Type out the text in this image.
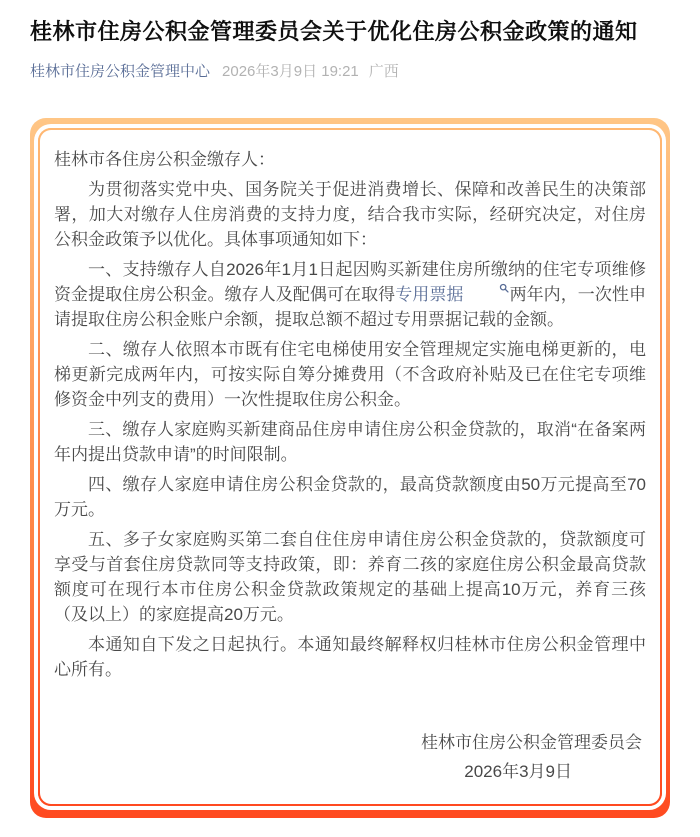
桂林市住房公积金管理委员会关于优化住房公积金政策的通知
桂林市住房公积金管理中心 2026年3月9日 19:21 广西

桂林市各住房公积金缴存人：

为贯彻落实党中央、国务院关于促进消费增长、保障和改善民生的决策部署，加大对缴存人住房消费的支持力度，结合我市实际，经研究决定，对住房公积金政策予以优化。具体事项通知如下：

一、支持缴存人自2026年1月1日起因购买新建住房所缴纳的住宅专项维修资金提取住房公积金。缴存人及配偶可在取得专用票据	两年内，一次性申请提取住房公积金账户余额，提取总额不超过专用票据记载的金额。

二、缴存人依照本市既有住宅电梯使用安全管理规定实施电梯更新的，电梯更新完成两年内，可按实际自筹分摊费用（不含政府补贴及已在住宅专项维修资金中列支的费用）一次性提取住房公积金。

三、缴存人家庭购买新建商品住房申请住房公积金贷款的，取消“在备案两年内提出贷款申请”的时间限制。

四、缴存人家庭申请住房公积金贷款的，最高贷款额度由50万元提高至70万元。

五、多子女家庭购买第二套自住住房申请住房公积金贷款的，贷款额度可享受与首套住房贷款同等支持政策，即：养育二孩的家庭住房公积金最高贷款额度可在现行本市住房公积金贷款政策规定的基础上提高10万元，养育三孩（及以上）的家庭提高20万元。

本通知自下发之日起执行。本通知最终解释权归桂林市住房公积金管理中心所有。

桂林市住房公积金管理委员会
2026年3月9日
